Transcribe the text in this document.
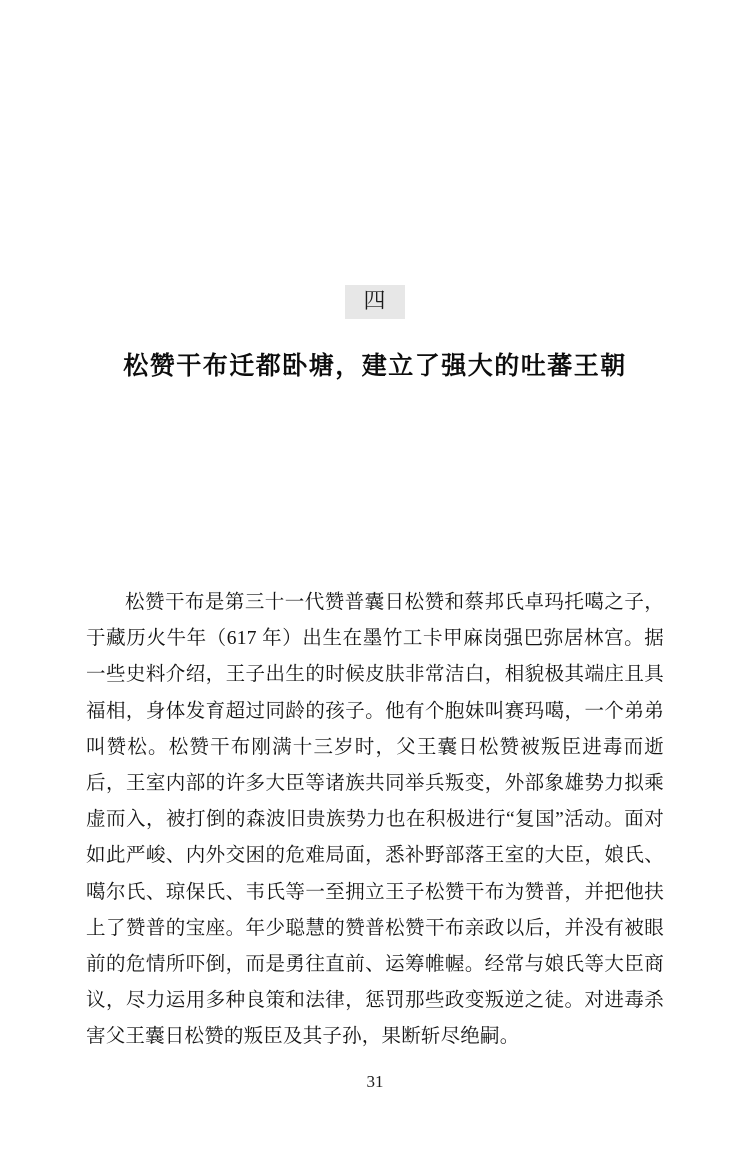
四
松赞干布迁都卧塘，建立了强大的吐蕃王朝

松赞干布是第三十一代赞普囊日松赞和蔡邦氏卓玛托噶之子，于藏历火牛年（617 年）出生在墨竹工卡甲麻岗强巴弥居林宫。据一些史料介绍，王子出生的时候皮肤非常洁白，相貌极其端庄且具福相，身体发育超过同龄的孩子。他有个胞妹叫赛玛噶，一个弟弟叫赞松。松赞干布刚满十三岁时，父王囊日松赞被叛臣进毒而逝后，王室内部的许多大臣等诸族共同举兵叛变，外部象雄势力拟乘虚而入，被打倒的森波旧贵族势力也在积极进行“复国”活动。面对如此严峻、内外交困的危难局面，悉补野部落王室的大臣，娘氏、噶尔氏、琼保氏、韦氏等一至拥立王子松赞干布为赞普，并把他扶上了赞普的宝座。年少聪慧的赞普松赞干布亲政以后，并没有被眼前的危情所吓倒，而是勇往直前、运筹帷幄。经常与娘氏等大臣商议，尽力运用多种良策和法律，惩罚那些政变叛逆之徒。对进毒杀害父王囊日松赞的叛臣及其子孙，果断斩尽绝嗣。

31
